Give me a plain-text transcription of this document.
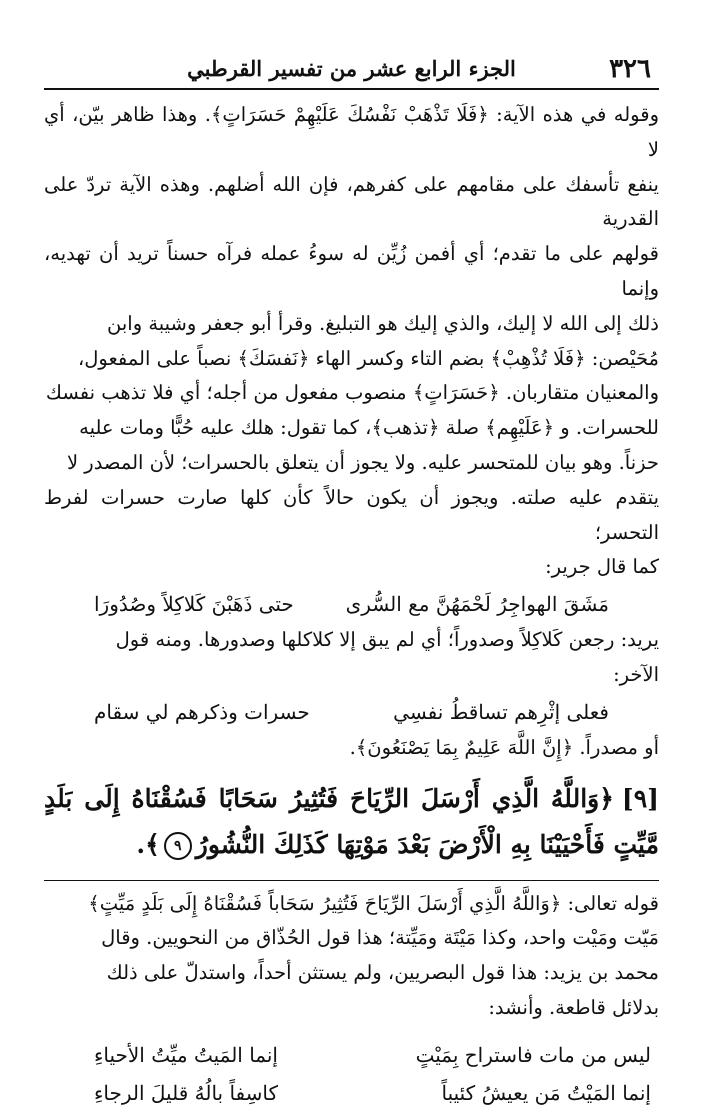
٣٢٦
الجزء الرابع عشر من تفسير القرطبي

وقوله في هذه الآية: ﴿فَلَا تَذْهَبْ نَفْسُكَ عَلَيْهِمْ حَسَرَاتٍ﴾. وهذا ظاهر بيّن، أي لا

ينفع تأسفك على مقامهم على كفرهم، فإن الله أضلهم. وهذه الآية تردّ على القدرية

قولهم على ما تقدم؛ أي أفمن زُيِّن له سوءُ عمله فرآه حسناً تريد أن تهديه، وإنما

ذلك إلى الله لا إليك، والذي إليك هو التبليغ. وقرأ أبو جعفر وشيبة وابن

مُحَيْصن: ﴿فَلَا تُذْهِبْ﴾ بضم التاء وكسر الهاء ﴿نَفسَكَ﴾ نصباً على المفعول،

والمعنيان متقاربان. ﴿حَسَرَاتٍ﴾ منصوب مفعول من أجله؛ أي فلا تذهب نفسك

للحسرات. و ﴿عَلَيْهِم﴾ صلة ﴿تذهب﴾، كما تقول: هلك عليه حُبًّا ومات عليه

حزناً. وهو بيان للمتحسر عليه. ولا يجوز أن يتعلق بالحسرات؛ لأن المصدر لا

يتقدم عليه صلته. ويجوز أن يكون حالاً كأن كلها صارت حسرات لفرط التحسر؛

كما قال جرير:

مَشَقَ الهواجِرُ لَحْمَهُنَّ مع السُّرى
حتى ذَهَبْنَ كَلاكِلاً وصُدُورَا

يريد: رجعن كَلاكِلاً وصدوراً؛ أي لم يبق إلا كلاكلها وصدورها. ومنه قول

الآخر:

فعلى إثْرِهم تساقطُ نفسِي
حسرات وذكرهم لي سقام

أو مصدراً. ﴿إِنَّ اللَّهَ عَلِيمٌ بِمَا يَصْنَعُونَ﴾.

[٩]﴿وَاللَّهُ الَّذِي أَرْسَلَ الرِّيَاحَ فَتُثِيرُ سَحَابًا فَسُقْنَاهُ إِلَى بَلَدٍ مَّيِّتٍ فَأَحْيَيْنَا بِهِ الْأَرْضَ بَعْدَ مَوْتِهَا كَذَلِكَ النُّشُورُ٩﴾.

قوله تعالى: ﴿وَاللَّهُ الَّذِي أَرْسَلَ الرِّيَاحَ فَتُثِيرُ سَحَاباً فَسُقْنَاهُ إِلَى بَلَدٍ مَيِّتٍ﴾

مَيّت ومَيْت واحد، وكذا مَيْتَة ومَيِّتة؛ هذا قول الحُذّاق من النحويين. وقال

محمد بن يزيد: هذا قول البصريين، ولم يستثن أحداً، واستدلّ على ذلك

بدلائل قاطعة. وأنشد:

ليس من مات فاستراح بِمَيْتٍ
إنما المَيتُ ميِّتُ الأحياءِ
إنما المَيْتُ مَن يعيشُ كئيباً
كاسِفاً بالُهُ قليلَ الرجاءِ
